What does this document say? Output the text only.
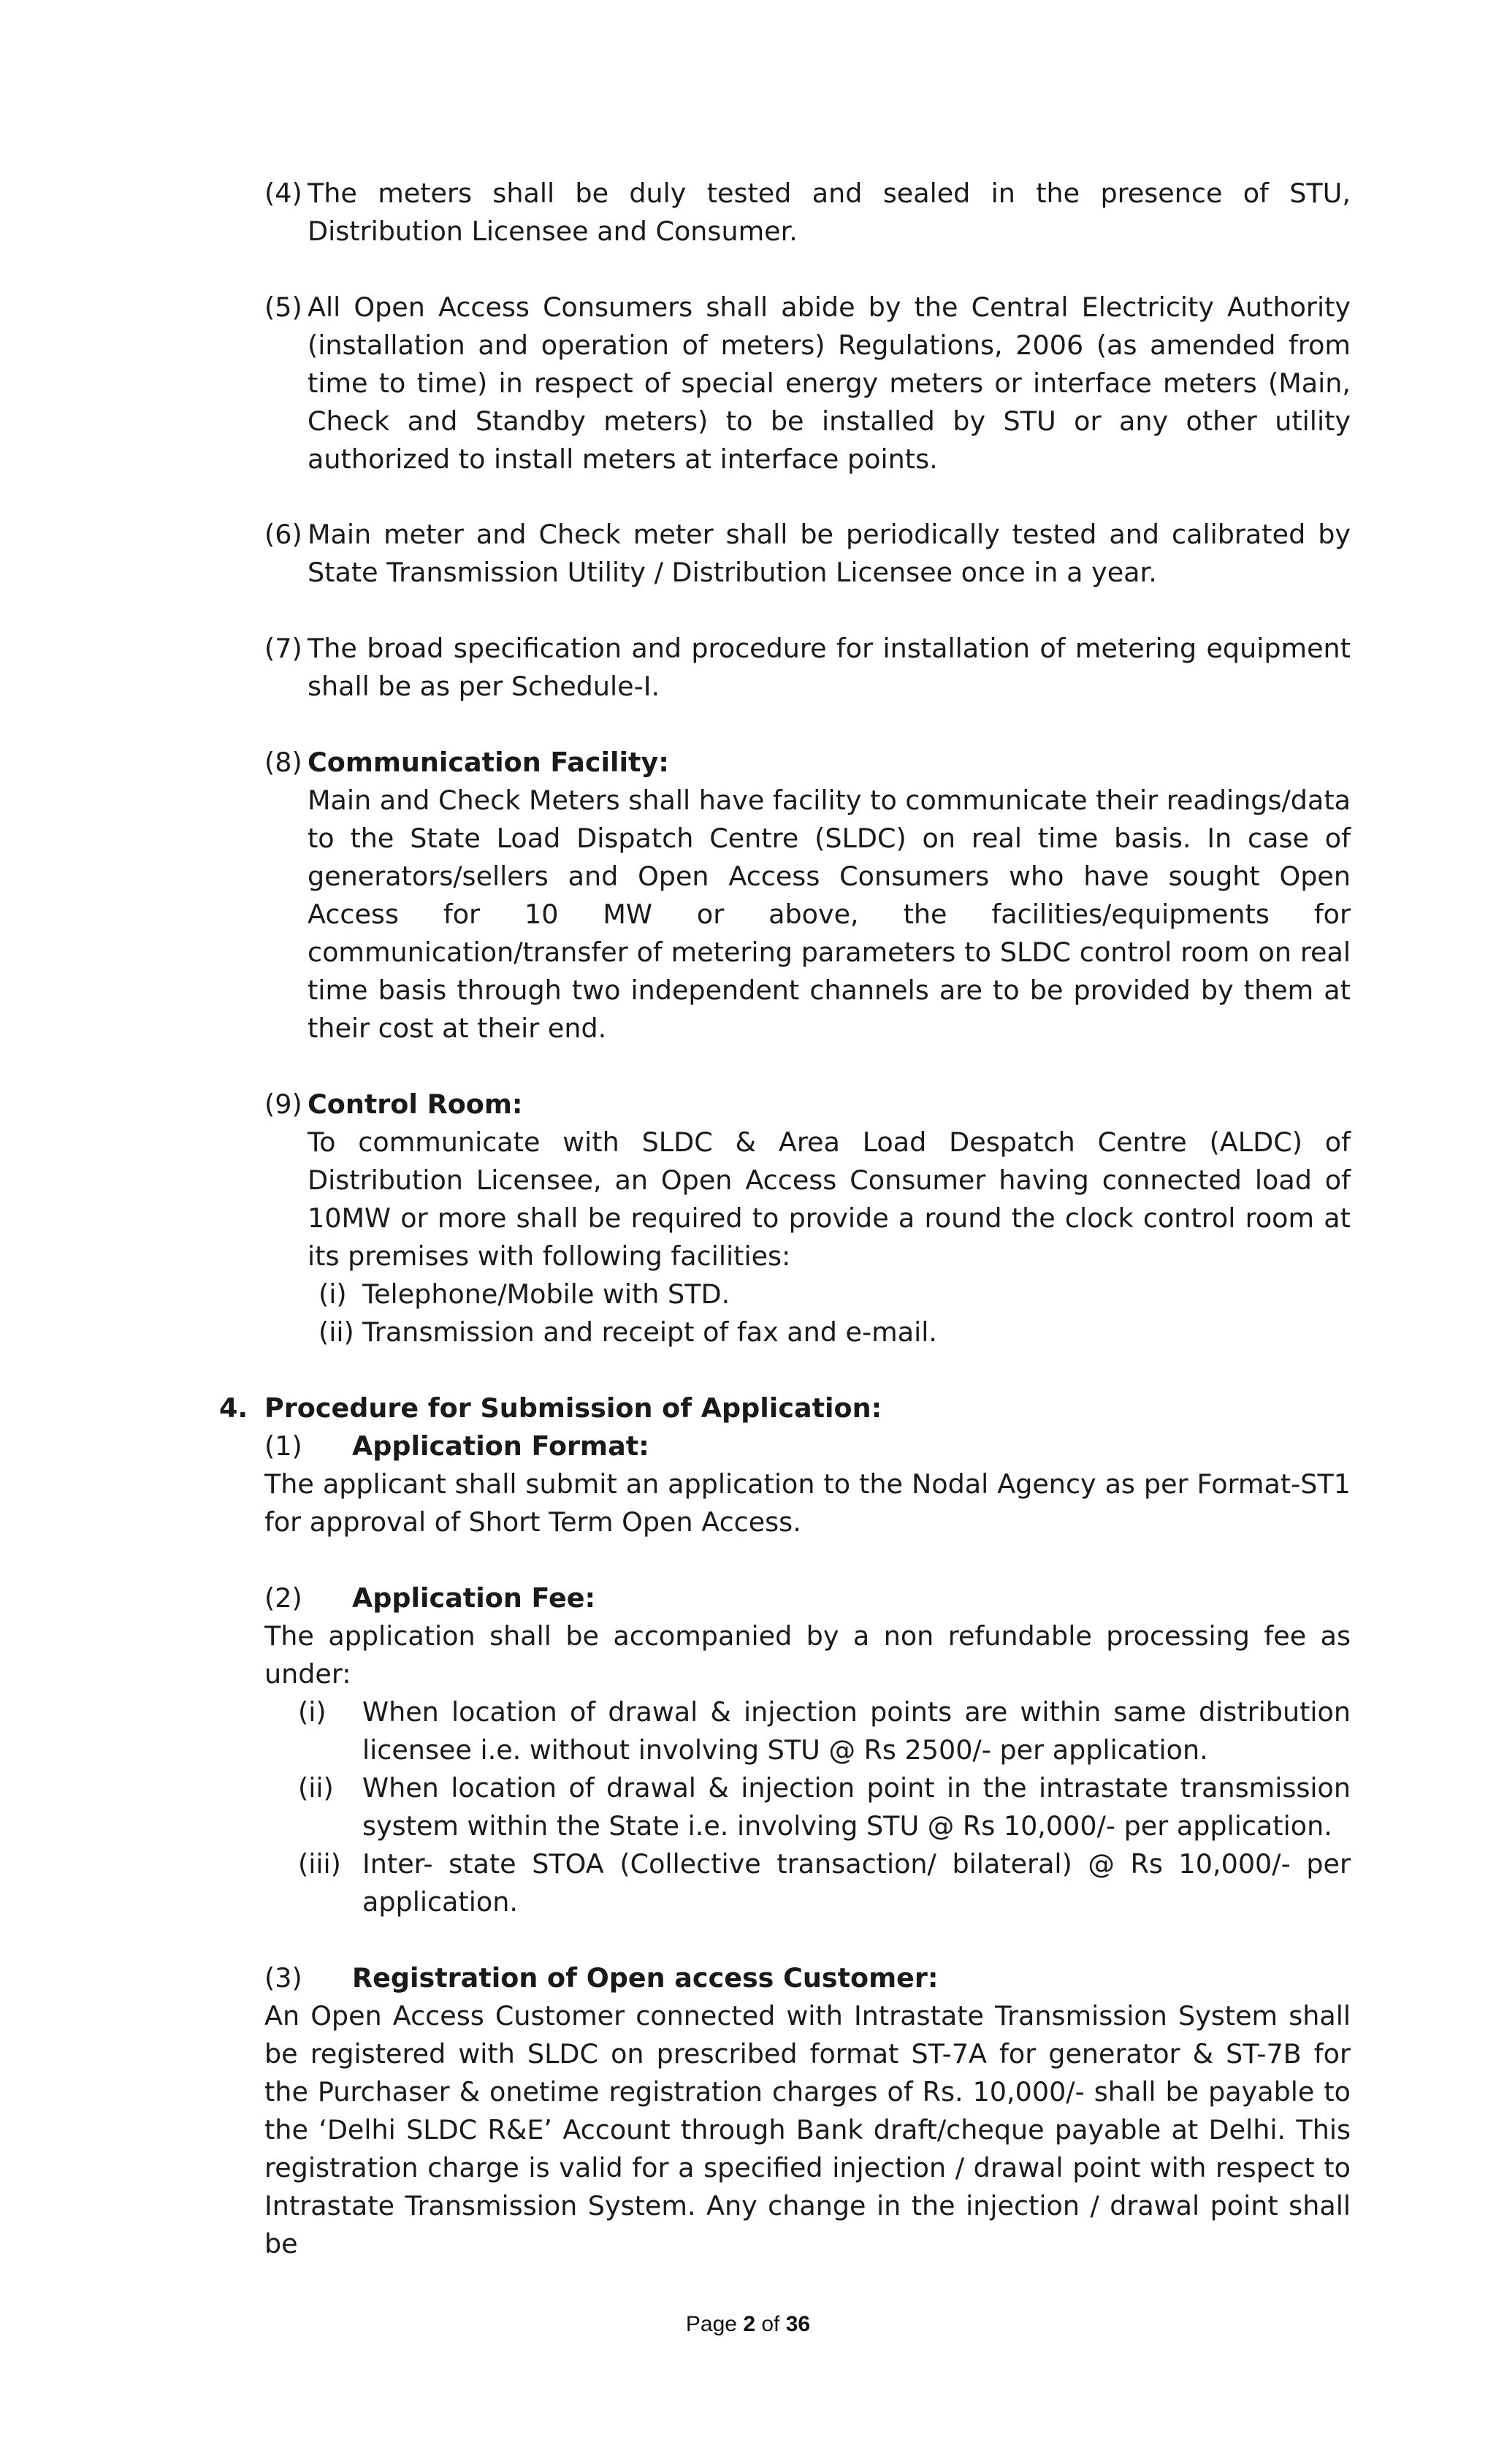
(4) The meters shall be duly tested and sealed in the presence of STU, Distribution Licensee and Consumer.

(5) All Open Access Consumers shall abide by the Central Electricity Authority (installation and operation of meters) Regulations, 2006 (as amended from time to time) in respect of special energy meters or interface meters (Main, Check and Standby meters) to be installed by STU or any other utility authorized to install meters at interface points.

(6) Main meter and Check meter shall be periodically tested and calibrated by State Transmission Utility / Distribution Licensee once in a year.

(7) The broad specification and procedure for installation of metering equipment shall be as per Schedule-I.

(8) Communication Facility:

Main and Check Meters shall have facility to communicate their readings/data to the State Load Dispatch Centre (SLDC) on real time basis. In case of generators/sellers and Open Access Consumers who have sought Open Access for 10 MW or above, the facilities/equipments for communication/transfer of metering parameters to SLDC control room on real time basis through two independent channels are to be provided by them at their cost at their end.

(9) Control Room:

To communicate with SLDC & Area Load Despatch Centre (ALDC) of Distribution Licensee, an Open Access Consumer having connected load of 10MW or more shall be required to provide a round the clock control room at its premises with following facilities:

(i) Telephone/Mobile with STD.
(ii) Transmission and receipt of fax and e-mail.
4. Procedure for Submission of Application:
(1) Application Format:

The applicant shall submit an application to the Nodal Agency as per Format-ST1 for approval of Short Term Open Access.

(2) Application Fee:

The application shall be accompanied by a non refundable processing fee as under:

(i) When location of drawal & injection points are within same distribution licensee i.e. without involving STU @ Rs 2500/- per application.

(ii) When location of drawal & injection point in the intrastate transmission system within the State i.e. involving STU @ Rs 10,000/- per application.

(iii) Inter- state STOA (Collective transaction/ bilateral) @ Rs 10,000/- per application.

(3) Registration of Open access Customer:

An Open Access Customer connected with Intrastate Transmission System shall be registered with SLDC on prescribed format ST-7A for generator & ST-7B for the Purchaser & onetime registration charges of Rs. 10,000/- shall be payable to the ‘Delhi SLDC R&E’ Account through Bank draft/cheque payable at Delhi. This registration charge is valid for a specified injection / drawal point with respect to Intrastate Transmission System. Any change in the injection / drawal point shall be

Page 2 of 36
